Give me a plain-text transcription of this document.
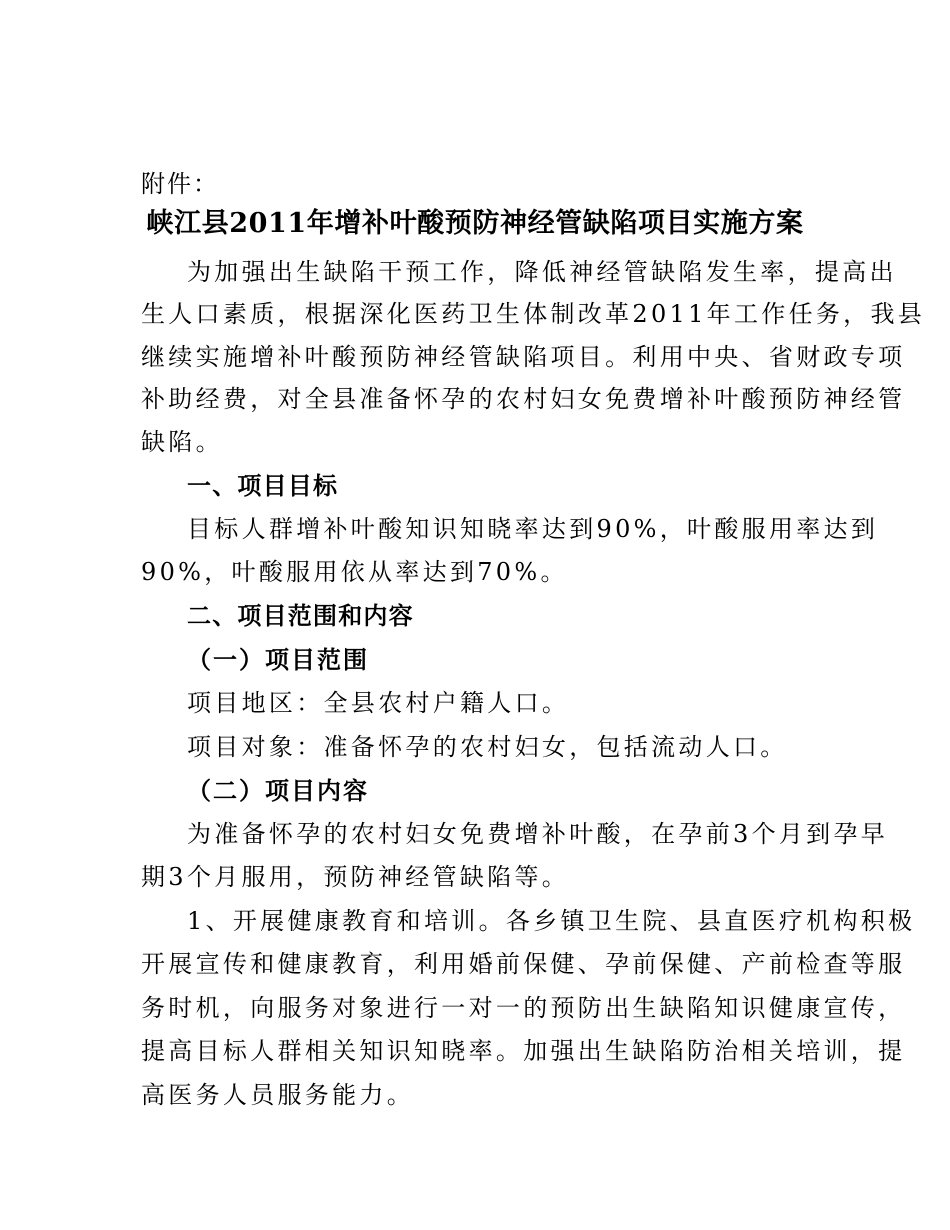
附件：
峡江县2011年增补叶酸预防神经管缺陷项目实施方案
为加强出生缺陷干预工作，降低神经管缺陷发生率，提高出
生人口素质，根据深化医药卫生体制改革2011年工作任务，我县
继续实施增补叶酸预防神经管缺陷项目。利用中央、省财政专项
补助经费，对全县准备怀孕的农村妇女免费增补叶酸预防神经管
缺陷。
一、项目目标
目标人群增补叶酸知识知晓率达到90%，叶酸服用率达到
90%，叶酸服用依从率达到70%。
二、项目范围和内容
（一）项目范围
项目地区：全县农村户籍人口。
项目对象：准备怀孕的农村妇女，包括流动人口。
（二）项目内容
为准备怀孕的农村妇女免费增补叶酸，在孕前3个月到孕早
期3个月服用，预防神经管缺陷等。
1、开展健康教育和培训。各乡镇卫生院、县直医疗机构积极
开展宣传和健康教育，利用婚前保健、孕前保健、产前检查等服
务时机，向服务对象进行一对一的预防出生缺陷知识健康宣传，
提高目标人群相关知识知晓率。加强出生缺陷防治相关培训，提
高医务人员服务能力。
